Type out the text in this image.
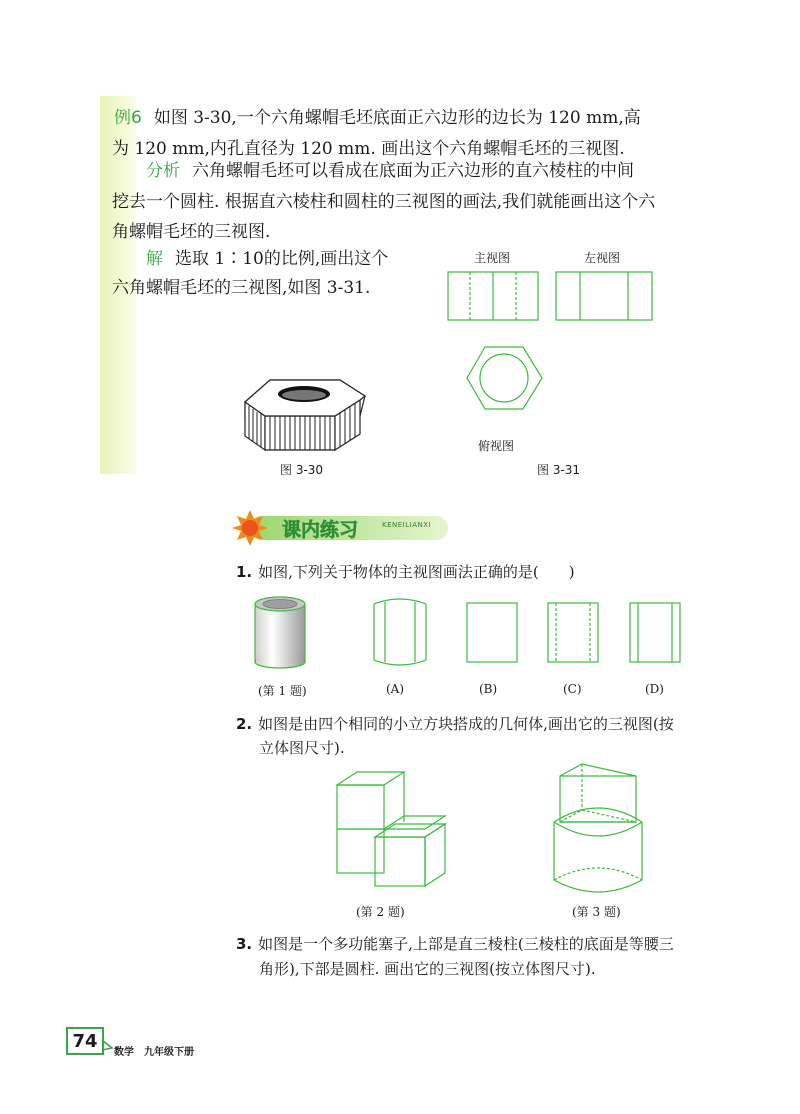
例6 如图 3-30,一个六角螺帽毛坯底面正六边形的边长为 120 mm,高

为 120 mm,内孔直径为 120 mm. 画出这个六角螺帽毛坯的三视图.

分析 六角螺帽毛坯可以看成在底面为正六边形的直六棱柱的中间

挖去一个圆柱. 根据直六棱柱和圆柱的三视图的画法,我们就能画出这个六

角螺帽毛坯的三视图.

解 选取 1∶10的比例,画出这个

六角螺帽毛坯的三视图,如图 3-31.

图 3-30
主视图	左视图
俯视图
图 3-31
课内练习	KENEILIANXI

1. 如图,下列关于物体的主视图画法正确的是(　　)

(第 1 题)	(A)	(B)	(C)	(D)

2. 如图是由四个相同的小立方块搭成的几何体,画出它的三视图(按

立体图尺寸).

(第 2 题)	(第 3 题)

3. 如图是一个多功能塞子,上部是直三棱柱(三棱柱的底面是等腰三

角形),下部是圆柱. 画出它的三视图(按立体图尺寸).

74
数学　九年级下册
